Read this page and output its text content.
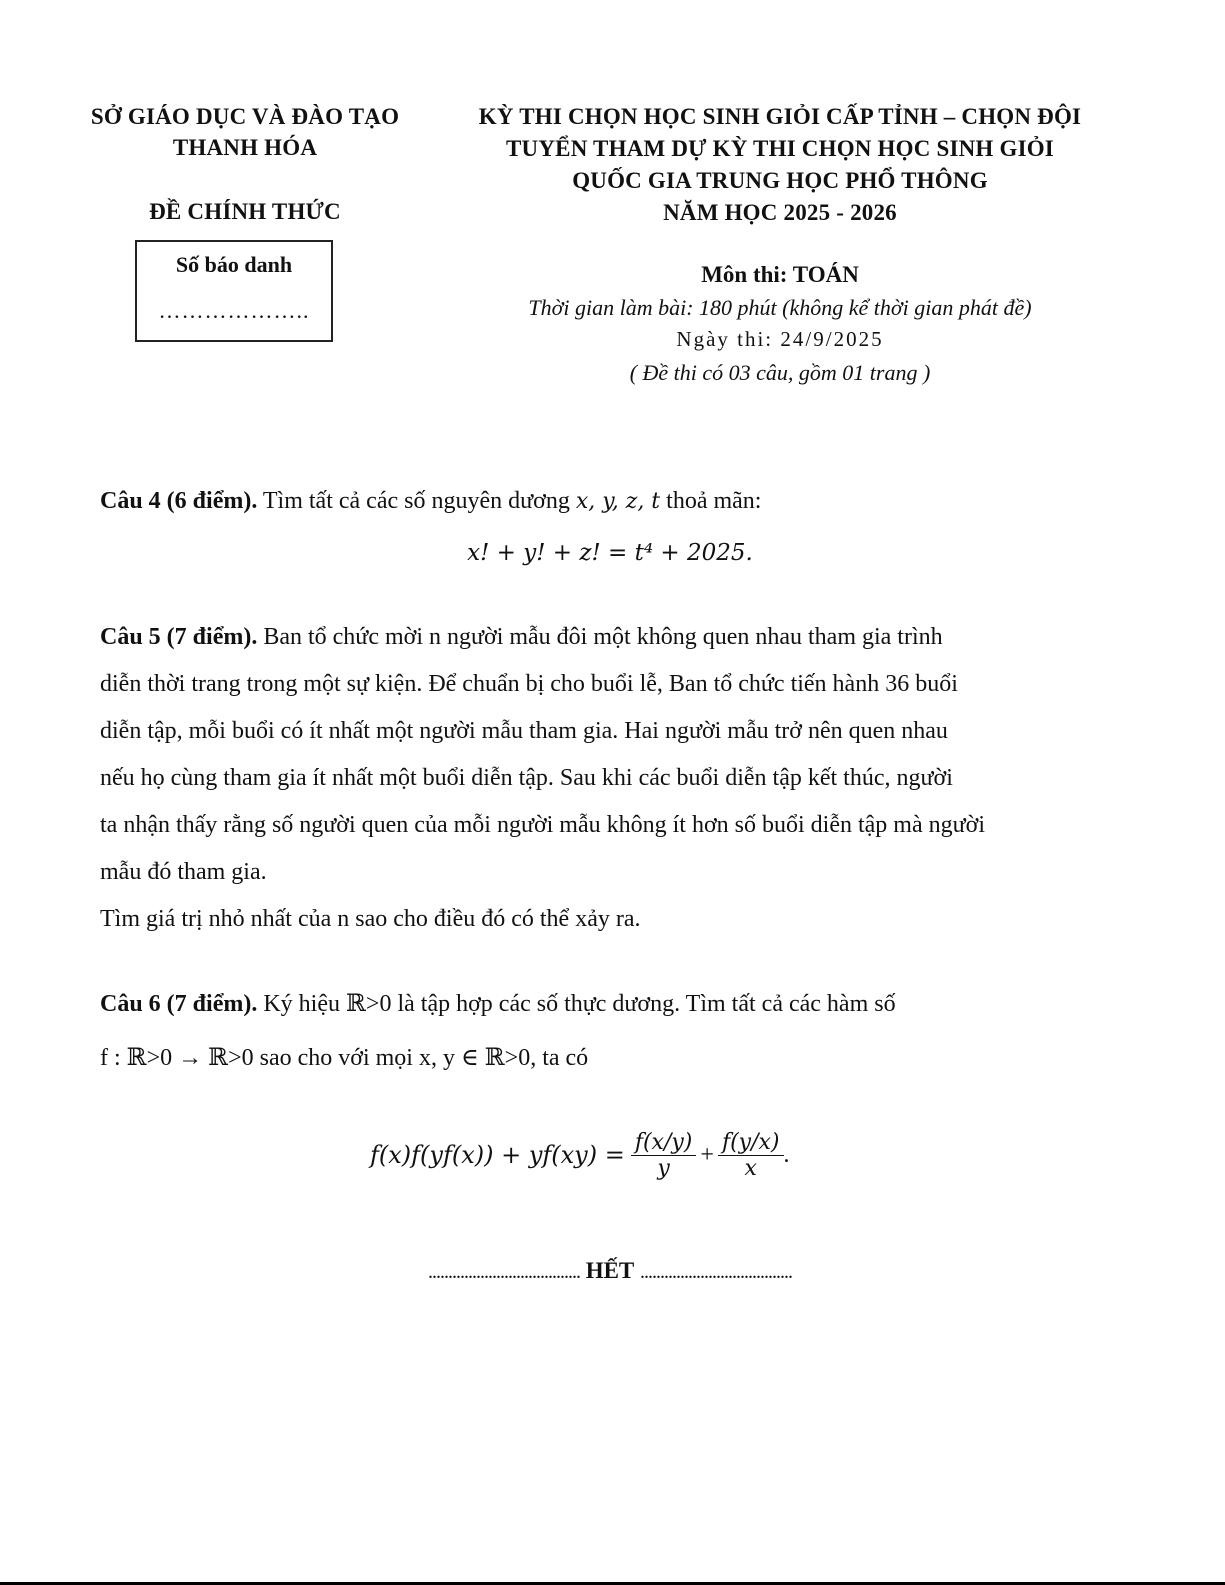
SỞ GIÁO DỤC VÀ ĐÀO TẠO
THANH HÓA
ĐỀ CHÍNH THỨC
Số báo danh
………………..
KỲ THI CHỌN HỌC SINH GIỎI CẤP TỈNH – CHỌN ĐỘI
TUYỂN THAM DỰ KỲ THI CHỌN HỌC SINH GIỎI
QUỐC GIA TRUNG HỌC PHỔ THÔNG
NĂM HỌC 2025 - 2026
Môn thi: TOÁN
Thời gian làm bài: 180 phút (không kể thời gian phát đề)
Ngày thi: 24/9/2025
( Đề thi có 03 câu, gồm 01 trang )
Câu 4 (6 điểm). Tìm tất cả các số nguyên dương x, y, z, t thoả mãn:
x! + y! + z! = t⁴ + 2025.
Câu 5 (7 điểm). Ban tổ chức mời n người mẫu đôi một không quen nhau tham gia trình
diễn thời trang trong một sự kiện. Để chuẩn bị cho buổi lễ, Ban tổ chức tiến hành 36 buổi
diễn tập, mỗi buổi có ít nhất một người mẫu tham gia. Hai người mẫu trở nên quen nhau
nếu họ cùng tham gia ít nhất một buổi diễn tập. Sau khi các buổi diễn tập kết thúc, người
ta nhận thấy rằng số người quen của mỗi người mẫu không ít hơn số buổi diễn tập mà người
mẫu đó tham gia.
Tìm giá trị nhỏ nhất của n sao cho điều đó có thể xảy ra.
Câu 6 (7 điểm). Ký hiệu ℝ>0 là tập hợp các số thực dương. Tìm tất cả các hàm số
f : ℝ>0 → ℝ>0 sao cho với mọi x, y ∈ ℝ>0, ta có
$f(x)f(yf(x)) + yf(xy) = \frac{f(x/y)}{y} + \frac{f(y/x)}{x}$ .
...................................... HẾT ......................................
